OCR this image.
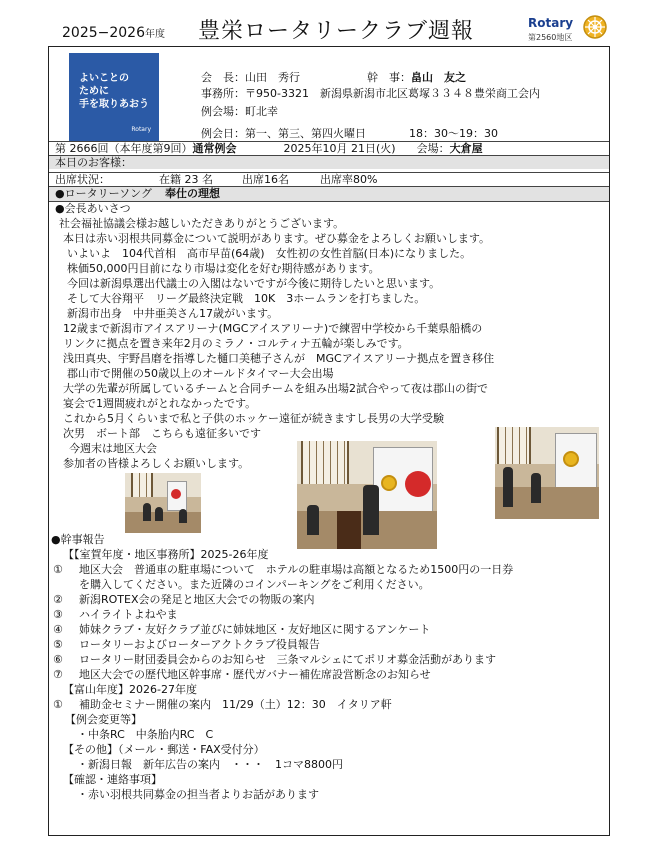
2025−2026年度 豊栄ロータリークラブ週報	Rotary
第2560地区
よいことの
ために
手を取りあおう
Rotary
会　長：山田　秀行	幹　事：畠山　友之
事務所：〒950-3321　新潟県新潟市北区葛塚３３４８豊栄商工会内
例会場：町北幸
例会日：第一、第三、第四火曜日	18：30～19：30
第 2666回（本年度第9回）通常例会	2025年10月 21日(火) 会場：大倉屋
本日のお客様：
出席状況：	在籍 23 名	出席16名	出席率80%
●ロータリーソング 奉仕の理想
●会長あいさつ
社会福祉協議会様お越しいただきありがとうございます。
本日は赤い羽根共同募金について説明があります。ぜひ募金をよろしくお願いします。
いよいよ　104代首相　高市早苗(64歳)　女性初の女性首脳(日本)になりました。
株価50,000円目前になり市場は変化を好む期待感があります。
今回は新潟県選出代議士の入閣はないですが今後に期待したいと思います。
そして大谷翔平　リーグ最終決定戦　10K　3ホームランを打ちました。
新潟市出身　中井亜美さん17歳がいます。
12歳まで新潟市アイスアリーナ(MGCアイスアリーナ)で練習中学校から千葉県船橋の
リンクに拠点を置き来年2月のミラノ・コルティナ五輪が楽しみです。
浅田真央、宇野昌磨を指導した樋口美穂子さんが　MGCアイスアリーナ拠点を置き移住
郡山市で開催の50歳以上のオールドタイマー大会出場
大学の先輩が所属しているチームと合同チームを組み出場2試合やって夜は郡山の街で
宴会で1週間疲れがとれなかったです。
これから5月くらいまで私と子供のホッケー遠征が続きますし長男の大学受験
次男　ボート部　こちらも遠征多いです
今週末は地区大会
参加者の皆様よろしくお願いします。
●幹事報告
【【室賀年度・地区事務所】2025-26年度
① 地区大会　普通車の駐車場について　ホテルの駐車場は高額となるため1500円の一日券
を購入してください。また近隣のコインパーキングをご利用ください。
② 新潟ROTEX会の発足と地区大会での物販の案内
③ ハイライトよねやま
④ 姉妹クラブ・友好クラブ並びに姉妹地区・友好地区に関するアンケート
⑤ ロータリーおよびローターアクトクラブ役員報告
⑥ ロータリー財団委員会からのお知らせ　三条マルシェにてポリオ募金活動があります
⑦ 地区大会での歴代地区幹事席・歴代ガバナー補佐席設営断念のお知らせ
【富山年度】2026-27年度
① 補助金セミナー開催の案内　11/29（土）12：30　イタリア軒
【例会変更等】
・中条RC　中条胎内RC　C
【その他】（メール・郵送・FAX受付分）
・新潟日報　新年広告の案内　・・・　1コマ8800円
【確認・連絡事項】
・赤い羽根共同募金の担当者よりお話があります
